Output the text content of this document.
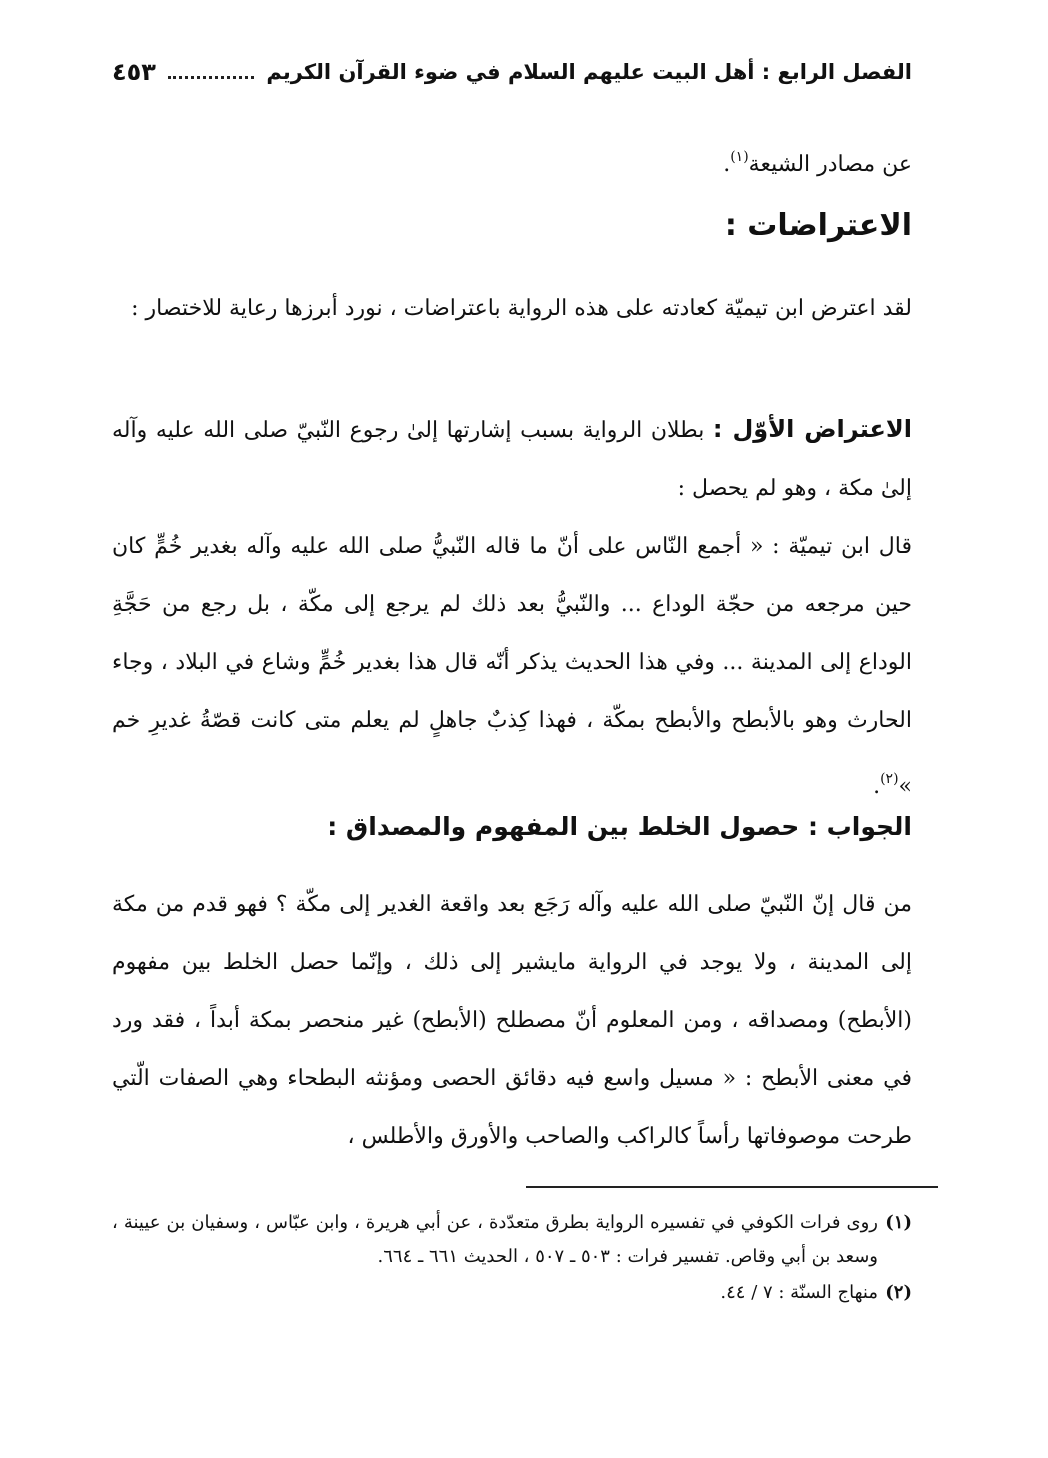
الفصل الرابع : أهل البيت عليهم السلام في ضوء القرآن الكريم
٤٥٣
عن مصادر الشيعة$^{(١)}$.
الاعتراضات :
لقد اعترض ابن تيميّة كعادته على هذه الرواية باعتراضات ، نورد أبرزها رعاية للاختصار :
الاعتراض الأوّل : بطلان الرواية بسبب إشارتها إلىٰ رجوع النّبيّ صلى الله عليه وآله إلىٰ مكة ، وهو لم يحصل :
قال ابن تيميّة : « أجمع النّاس على أنّ ما قاله النّبيُّ صلى الله عليه وآله بغدير خُمٍّ كان حين مرجعه من حجّة الوداع ... والنّبيُّ بعد ذلك لم يرجع إلى مكّة ، بل رجع من حَجَّةِ الوداع إلى المدينة ... وفي هذا الحديث يذكر أنّه قال هذا بغدير خُمٍّ وشاع في البلاد ، وجاء الحارث وهو بالأبطح والأبطح بمكّة ، فهذا كِذبٌ جاهلٍ لم يعلم متى كانت قصّةُ غديرِ خم »$^{(٢)}$.
الجواب : حصول الخلط بين المفهوم والمصداق :
من قال إنّ النّبيّ صلى الله عليه وآله رَجَع بعد واقعة الغدير إلى مكّة ؟ فهو قدم من مكة إلى المدينة ، ولا يوجد في الرواية مايشير إلى ذلك ، وإنّما حصل الخلط بين مفهوم (الأبطح) ومصداقه ، ومن المعلوم أنّ مصطلح (الأبطح) غير منحصر بمكة أبداً ، فقد ورد في معنى الأبطح : « مسيل واسع فيه دقائق الحصى ومؤنثه البطحاء وهي الصفات الّتي طرحت موصوفاتها رأساً كالراكب والصاحب والأورق والأطلس ،
(١)
روى فرات الكوفي في تفسيره الرواية بطرق متعدّدة ، عن أبي هريرة ، وابن عبّاس ، وسفيان بن عيينة ، وسعد بن أبي وقاص. تفسير فرات : ٥٠٣ ـ ٥٠٧ ، الحديث ٦٦١ ـ ٦٦٤.
(٢)
منهاج السنّة : ٧ / ٤٤.
